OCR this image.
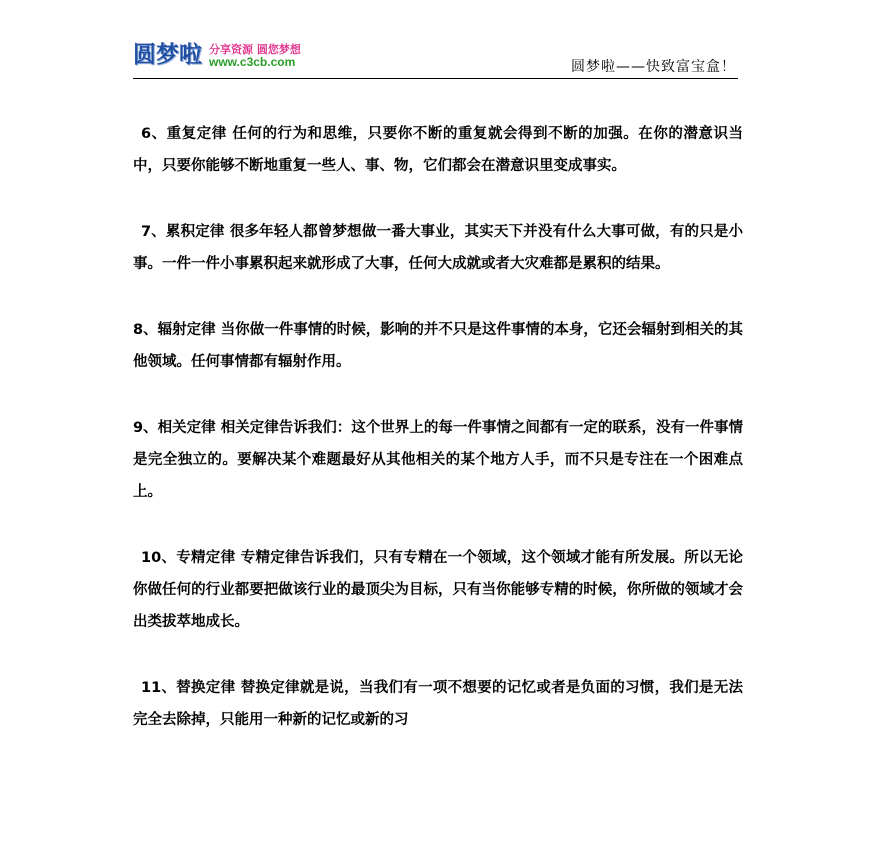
圆梦啦 分享资源 圆您梦想
www.c3cb.com	圆梦啦——快致富宝盒！

6、重复定律 任何的行为和思维，只要你不断的重复就会得到不断的加强。在你的潜意识当中，只要你能够不断地重复一些人、事、物，它们都会在潜意识里变成事实。

7、累积定律 很多年轻人都曾梦想做一番大事业，其实天下并没有什么大事可做，有的只是小事。一件一件小事累积起来就形成了大事，任何大成就或者大灾难都是累积的结果。

8、辐射定律 当你做一件事情的时候，影响的并不只是这件事情的本身，它还会辐射到相关的其他领域。任何事情都有辐射作用。

9、相关定律 相关定律告诉我们：这个世界上的每一件事情之间都有一定的联系，没有一件事情是完全独立的。要解决某个难题最好从其他相关的某个地方人手，而不只是专注在一个困难点上。

10、专精定律 专精定律告诉我们，只有专精在一个领域，这个领域才能有所发展。所以无论你做任何的行业都要把做该行业的最顶尖为目标，只有当你能够专精的时候，你所做的领域才会出类拔萃地成长。

11、替换定律 替换定律就是说，当我们有一项不想要的记忆或者是负面的习惯，我们是无法完全去除掉，只能用一种新的记忆或新的习
